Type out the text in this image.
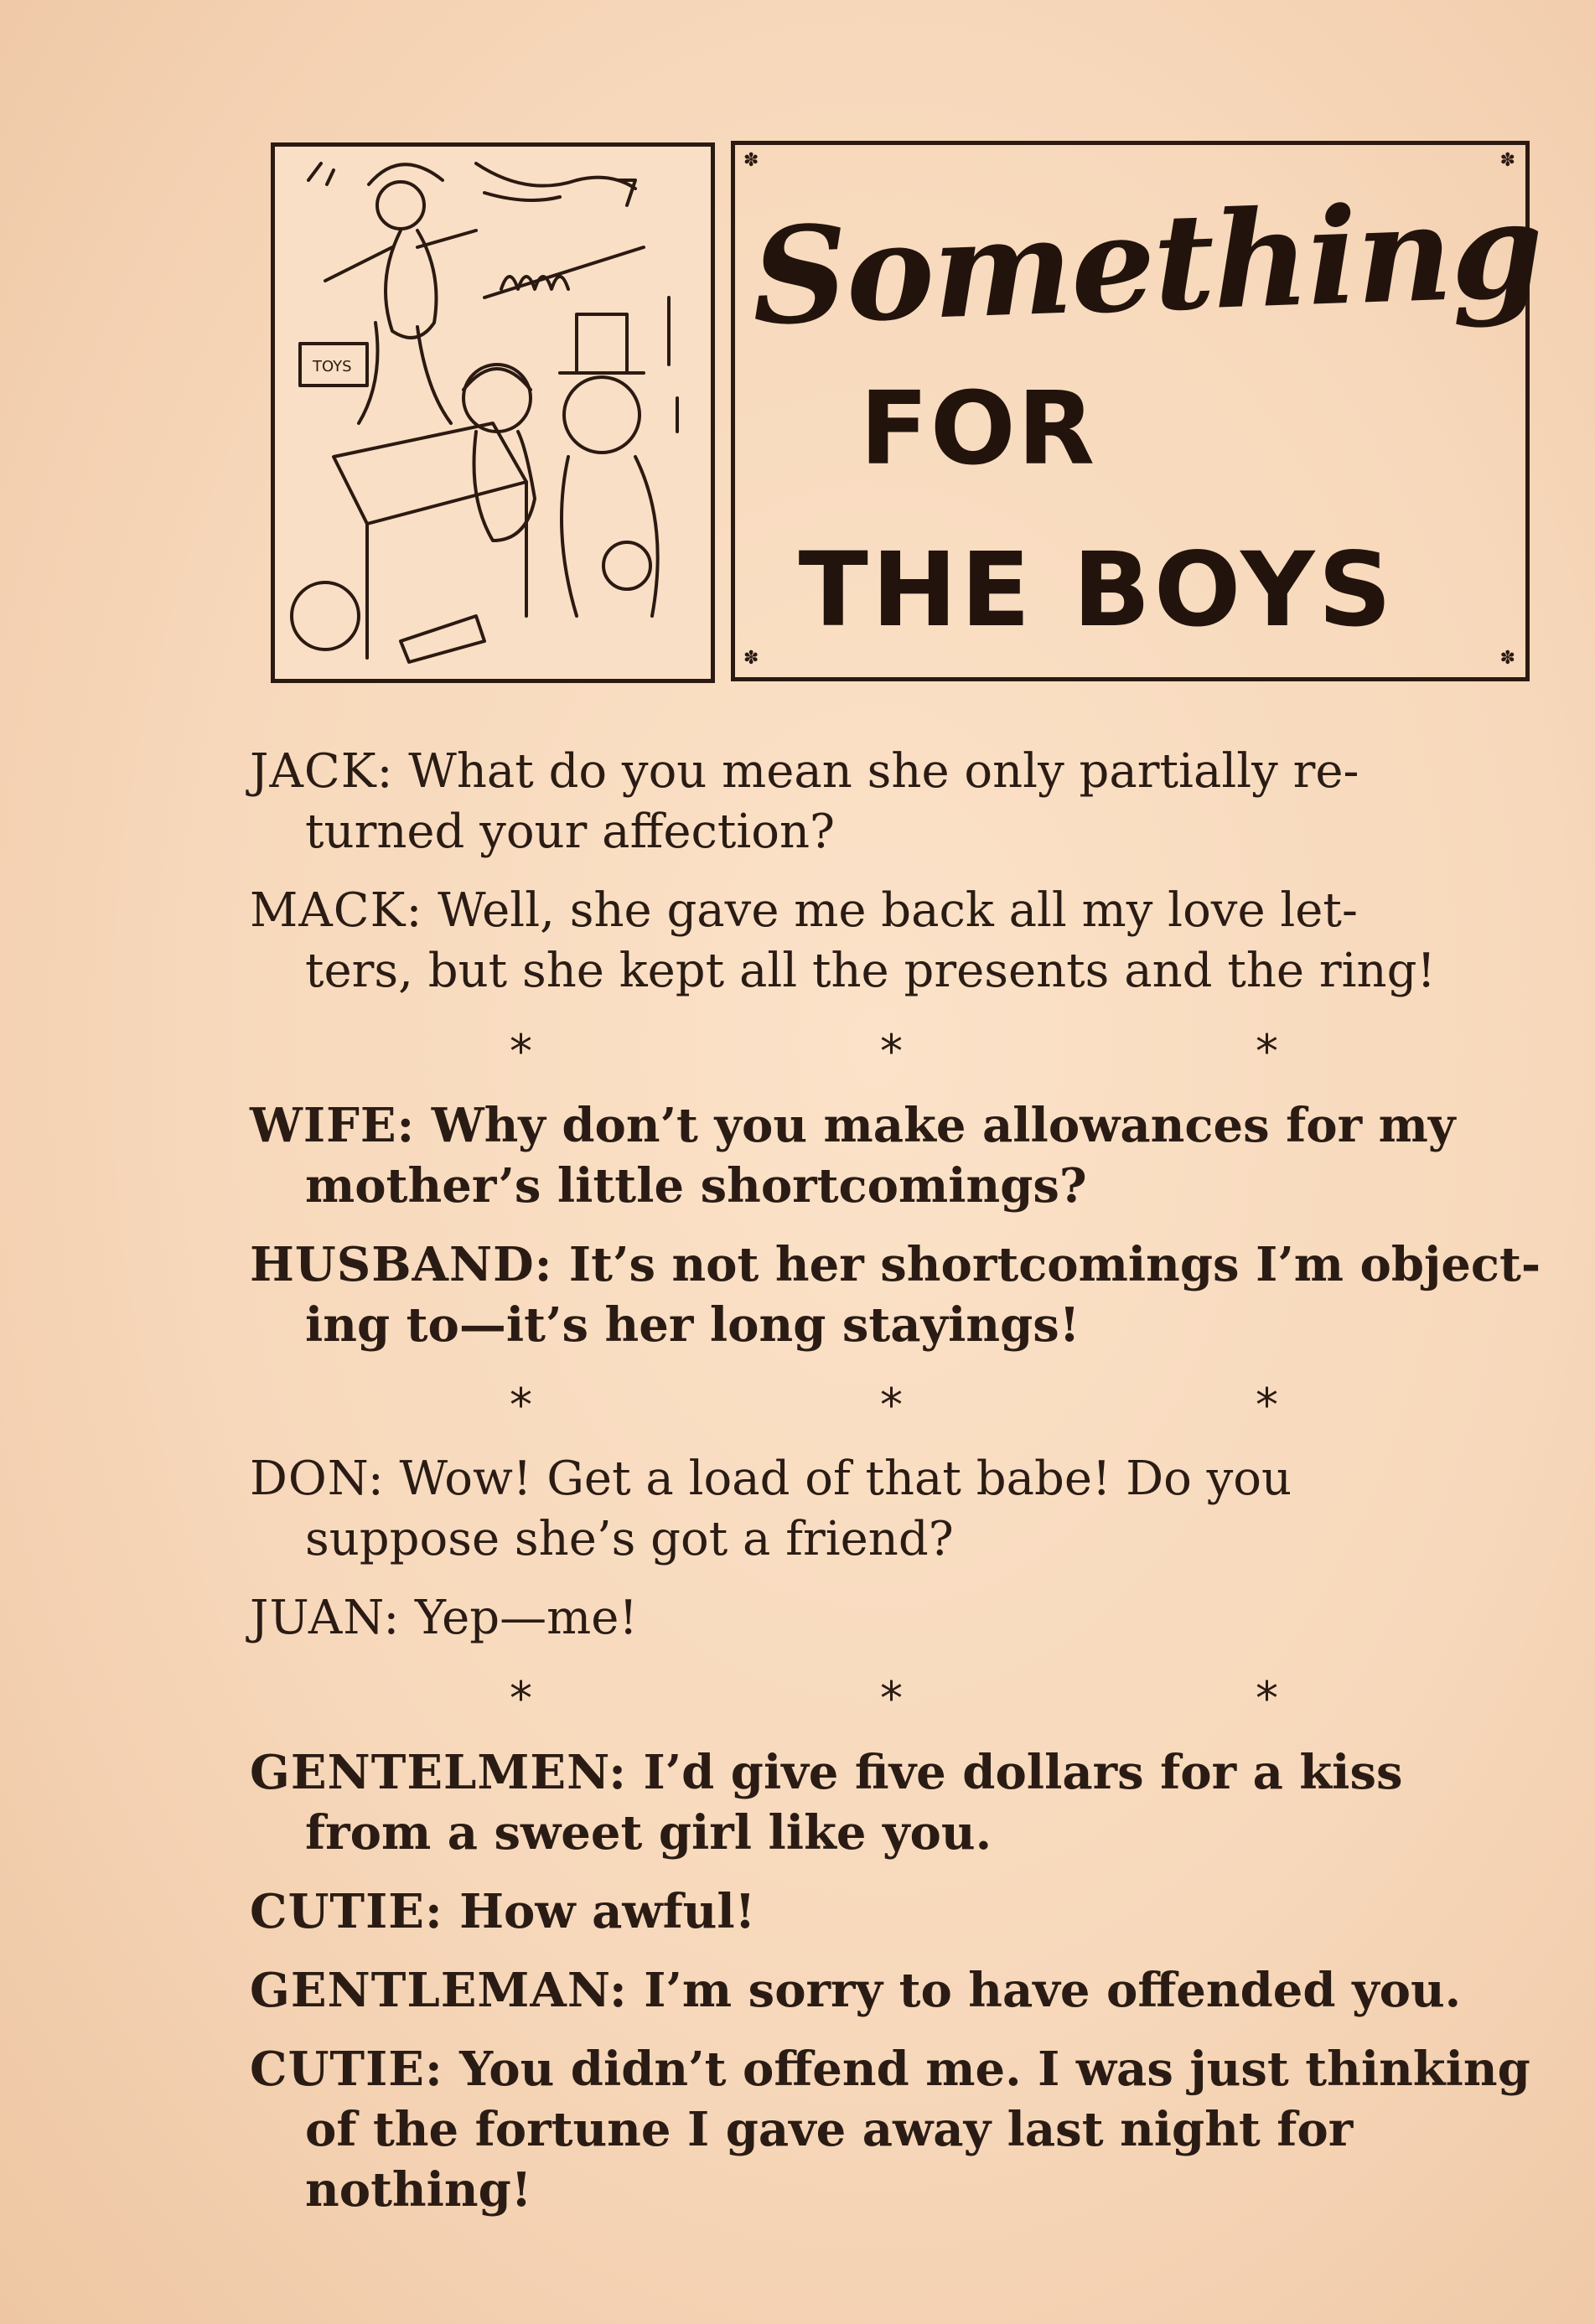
TOYS
✽	✽
✽	✽
Something
FOR
THE BOYS

JACK: What do you mean she only partially re-
turned your affection?

MACK: Well, she gave me back all my love let-
ters, but she kept all the presents and the ring!

*	*	*

WIFE: Why don’t you make allowances for my
mother’s little shortcomings?

HUSBAND: It’s not her shortcomings I’m object-
ing to—it’s her long stayings!

*	*	*

DON: Wow! Get a load of that babe! Do you
suppose she’s got a friend?

JUAN: Yep—me!

*	*	*

GENTELMEN: I’d give five dollars for a kiss
from a sweet girl like you.

CUTIE: How awful!

GENTLEMAN: I’m sorry to have offended you.

CUTIE: You didn’t offend me. I was just thinking
of the fortune I gave away last night for nothing!
